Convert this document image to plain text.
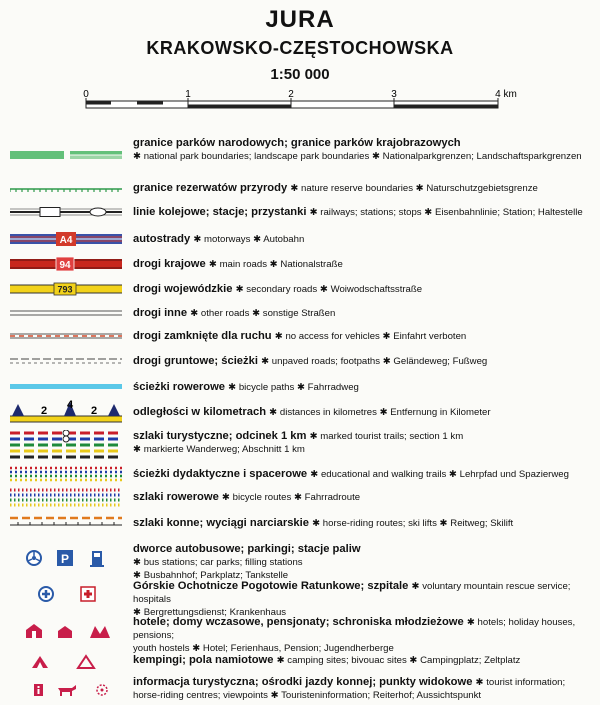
JURA
KRAKOWSKO-CZĘSTOCHOWSKA
1:50 000
0	1	2	3	4 km
granice parków narodowych; granice parków krajobrazowych
✱ national park boundaries; landscape park boundaries ✱ Nationalparkgrenzen; Landschaftsparkgrenzen
granice rezerwatów przyrody ✱ nature reserve boundaries ✱ Naturschutzgebietsgrenze
linie kolejowe; stacje; przystanki ✱ railways; stations; stops ✱ Eisenbahnlinie; Station; Haltestelle
A4	autostrady ✱ motorways ✱ Autobahn
94	drogi krajowe ✱ main roads ✱ Nationalstraße
793	drogi wojewódzkie ✱ secondary roads ✱ Woiwodschaftsstraße
drogi inne ✱ other roads ✱ sonstige Straßen
drogi zamknięte dla ruchu ✱ no access for vehicles ✱ Einfahrt verboten
drogi gruntowe; ścieżki ✱ unpaved roads; footpaths ✱ Geländeweg; Fußweg
ścieżki rowerowe ✱ bicycle paths ✱ Fahrradweg
2 4 2	odległości w kilometrach ✱ distances in kilometres ✱ Entfernung in Kilometer
szlaki turystyczne; odcinek 1 km ✱ marked tourist trails; section 1 km
✱ markierte Wanderweg; Abschnitt 1 km
ścieżki dydaktyczne i spacerowe ✱ educational and walking trails ✱ Lehrpfad und Spazierweg
szlaki rowerowe ✱ bicycle routes ✱ Fahrradroute
szlaki konne; wyciągi narciarskie ✱ horse-riding routes; ski lifts ✱ Reitweg; Skilift
P
dworce autobusowe; parkingi; stacje paliw
✱ bus stations; car parks; filling stations
✱ Busbahnhof; Parkplatz; Tankstelle
Górskie Ochotnicze Pogotowie Ratunkowe; szpitale ✱ voluntary mountain rescue service; hospitals
✱ Bergrettungsdienst; Krankenhaus
hotele; domy wczasowe, pensjonaty; schroniska młodzieżowe ✱ hotels; holiday houses, pensions;
youth hostels ✱ Hotel; Ferienhaus, Pension; Jugendherberge
kempingi; pola namiotowe ✱ camping sites; bivouac sites ✱ Campingplatz; Zeltplatz
informacja turystyczna; ośrodki jazdy konnej; punkty widokowe ✱ tourist information;
horse-riding centres; viewpoints ✱ Touristeninformation; Reiterhof; Aussichtspunkt
